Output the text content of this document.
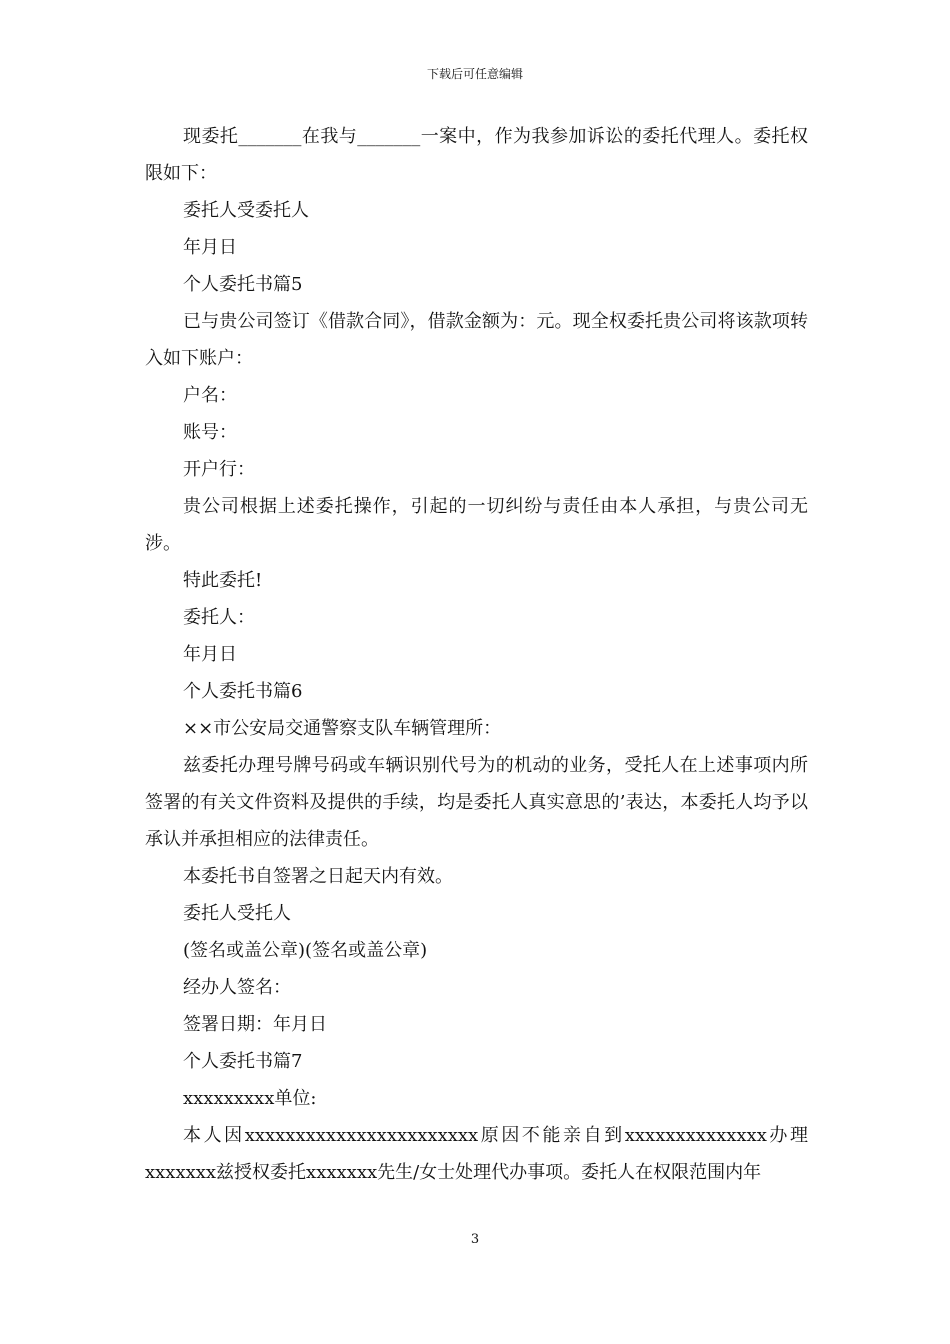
下载后可任意编辑

现委托_______在我与_______一案中，作为我参加诉讼的委托代理人。委托权限如下：

委托人受委托人

年月日

个人委托书篇5

已与贵公司签订《借款合同》，借款金额为：元。现全权委托贵公司将该款项转入如下账户：

户名：

账号：

开户行：

贵公司根据上述委托操作，引起的一切纠纷与责任由本人承担，与贵公司无涉。

特此委托!

委托人：

年月日

个人委托书篇6

××市公安局交通警察支队车辆管理所：

兹委托办理号牌号码或车辆识别代号为的机动的业务，受托人在上述事项内所签署的有关文件资料及提供的手续，均是委托人真实意思的’表达，本委托人均予以承认并承担相应的法律责任。

本委托书自签署之日起天内有效。

委托人受托人

(签名或盖公章)(签名或盖公章)

经办人签名：

签署日期：年月日

个人委托书篇7

xxxxxxxxx单位:

本人因xxxxxxxxxxxxxxxxxxxxxxx原因不能亲自到xxxxxxxxxxxxxx办理xxxxxxx兹授权委托xxxxxxx先生/女士处理代办事项。委托人在权限范围内年

3
